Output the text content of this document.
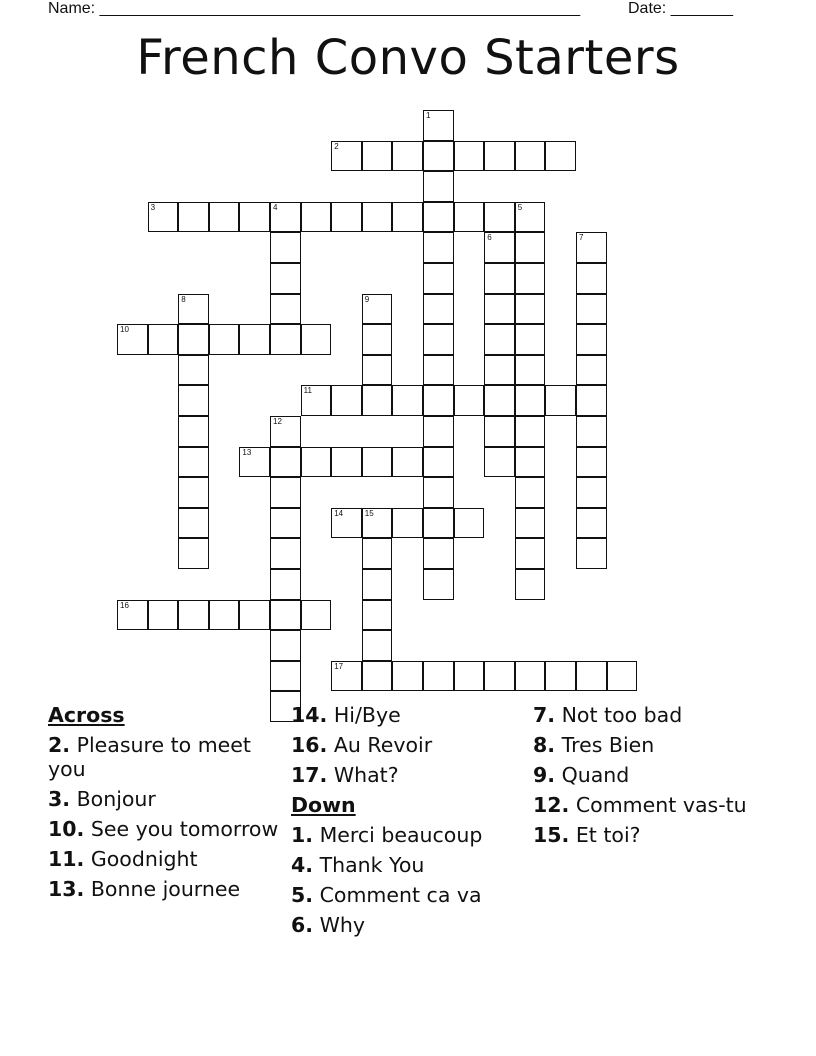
Name: ______________________________________________________	Date: _______
French Convo Starters
1
2
3	4	5
6	7
8	9
10
11
12
13
14	15
16
17
Across
2. Pleasure to meet you
3. Bonjour
10. See you tomorrow
11. Goodnight
13. Bonne journee
14. Hi/Bye
16. Au Revoir
17. What?
Down
1. Merci beaucoup
4. Thank You
5. Comment ca va
6. Why
7. Not too bad
8. Tres Bien
9. Quand
12. Comment vas-tu
15. Et toi?
